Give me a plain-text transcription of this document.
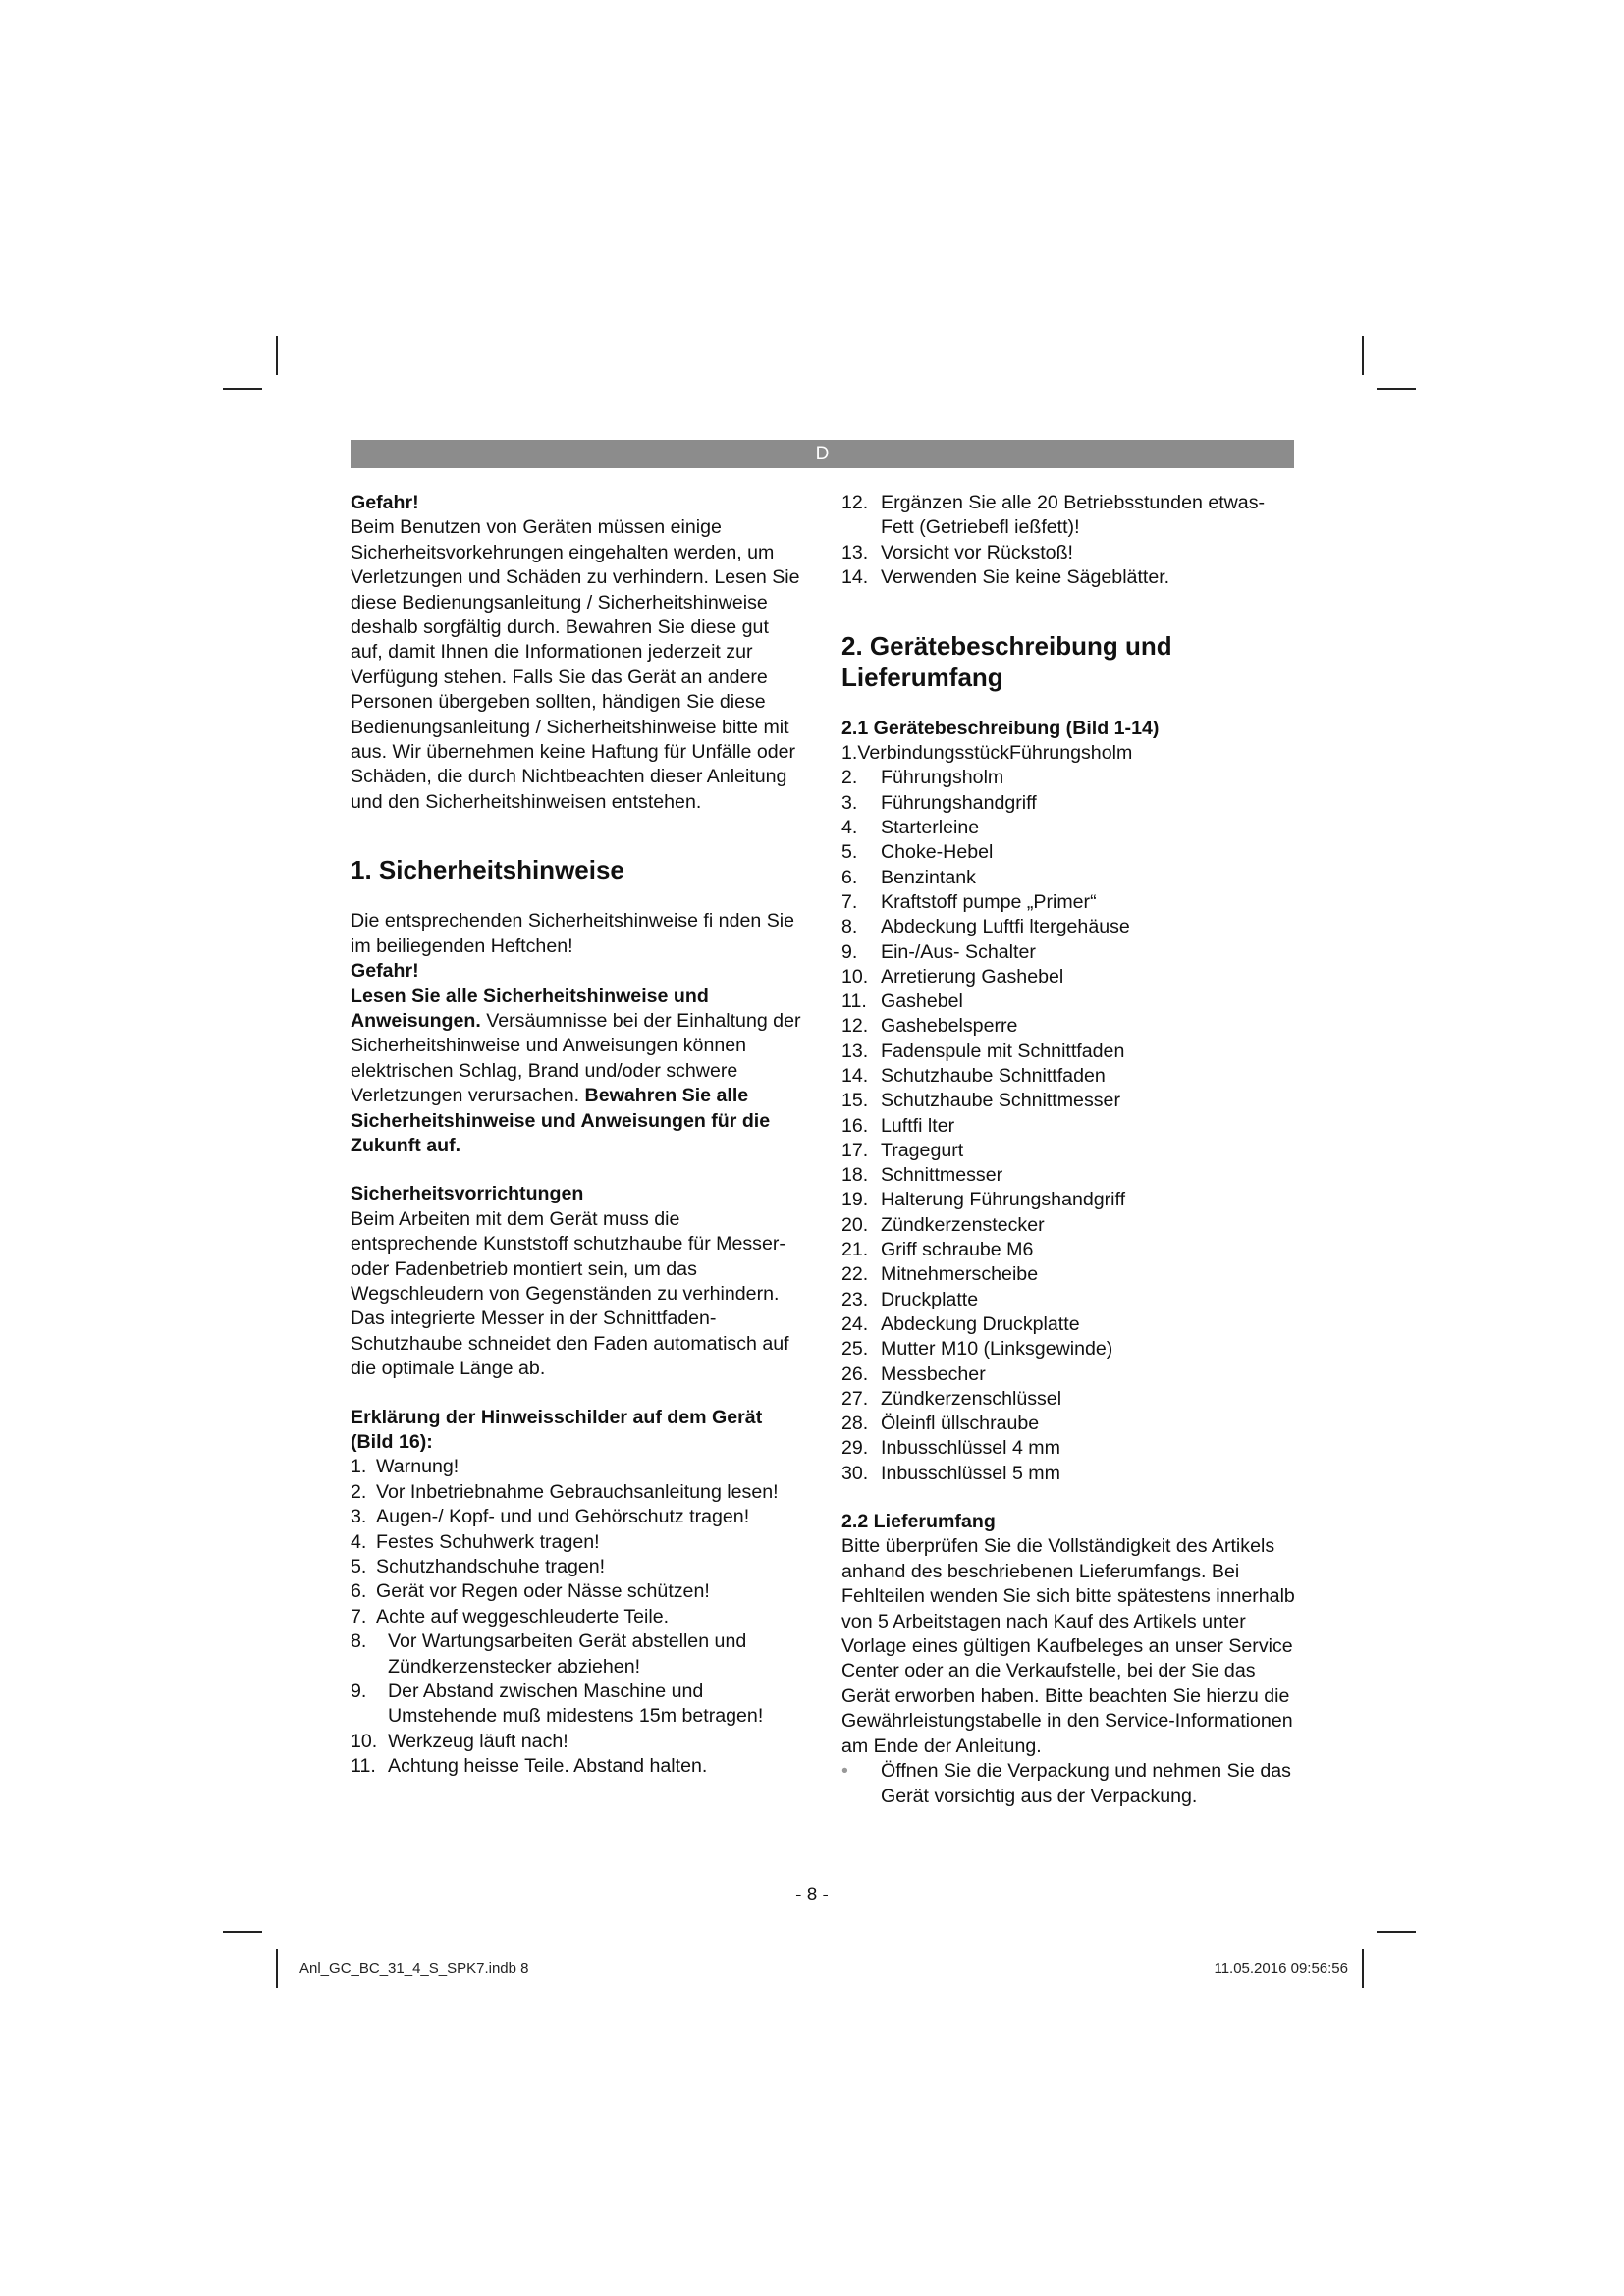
D

Gefahr!

Beim Benutzen von Geräten müssen einige Sicherheitsvorkehrungen eingehalten werden, um Verletzungen und Schäden zu verhindern. Lesen Sie diese Bedienungsanleitung / Sicherheitshinweise deshalb sorgfältig durch. Bewahren Sie diese gut auf, damit Ihnen die Informationen jederzeit zur Verfügung stehen. Falls Sie das Gerät an andere Personen übergeben sollten, händigen Sie diese Bedienungsanleitung / Sicherheitshinweise bitte mit aus. Wir übernehmen keine Haftung für Unfälle oder Schäden, die durch Nichtbeachten dieser Anleitung und den Sicherheitshinweisen entstehen.

1. Sicherheitshinweise

Die entsprechenden Sicherheitshinweise fi nden Sie im beiliegenden Heftchen!

Gefahr!

Lesen Sie alle Sicherheitshinweise und Anweisungen. Versäumnisse bei der Einhaltung der Sicherheitshinweise und Anweisungen können elektrischen Schlag, Brand und/oder schwere Verletzungen verursachen. Bewahren Sie alle Sicherheitshinweise und Anweisungen für die Zukunft auf.

Sicherheitsvorrichtungen

Beim Arbeiten mit dem Gerät muss die entsprechende Kunststoff schutzhaube für Messer- oder Fadenbetrieb montiert sein, um das Wegschleudern von Gegenständen zu verhindern. Das integrierte Messer in der Schnittfaden-Schutzhaube schneidet den Faden automatisch auf die optimale Länge ab.

Erklärung der Hinweisschilder auf dem Gerät (Bild 16):

1. Warnung!
2. Vor Inbetriebnahme Gebrauchsanleitung lesen!
3. Augen-/ Kopf- und und Gehörschutz tragen!
4. Festes Schuhwerk tragen!
5. Schutzhandschuhe tragen!
6. Gerät vor Regen oder Nässe schützen!
7. Achte auf weggeschleuderte Teile.
8. Vor Wartungsarbeiten Gerät abstellen und Zündkerzenstecker abziehen!
9. Der Abstand zwischen Maschine und Umstehende muß midestens 15m betragen!
10. Werkzeug läuft nach!
11. Achtung heisse Teile. Abstand halten.
12. Ergänzen Sie alle 20 Betriebsstunden etwas-Fett (Getriebefl ießfett)!
13. Vorsicht vor Rückstoß!
14. Verwenden Sie keine Sägeblätter.

2. Gerätebeschreibung und Lieferumfang

2.1 Gerätebeschreibung (Bild 1-14)

1.VerbindungsstückFührungsholm

2. Führungsholm
3. Führungshandgriff
4. Starterleine
5. Choke-Hebel
6. Benzintank
7. Kraftstoff pumpe „Primer“
8. Abdeckung Luftfi ltergehäuse
9. Ein-/Aus- Schalter
10. Arretierung Gashebel
11. Gashebel
12. Gashebelsperre
13. Fadenspule mit Schnittfaden
14. Schutzhaube Schnittfaden
15. Schutzhaube Schnittmesser
16. Luftfi lter
17. Tragegurt
18. Schnittmesser
19. Halterung Führungshandgriff
20. Zündkerzenstecker
21. Griff schraube M6
22. Mitnehmerscheibe
23. Druckplatte
24. Abdeckung Druckplatte
25. Mutter M10 (Linksgewinde)
26. Messbecher
27. Zündkerzenschlüssel
28. Öleinfl üllschraube
29. Inbusschlüssel 4 mm
30. Inbusschlüssel 5 mm

2.2 Lieferumfang

Bitte überprüfen Sie die Vollständigkeit des Artikels anhand des beschriebenen Lieferumfangs. Bei Fehlteilen wenden Sie sich bitte spätestens innerhalb von 5 Arbeitstagen nach Kauf des Artikels unter Vorlage eines gültigen Kaufbeleges an unser Service Center oder an die Verkaufstelle, bei der Sie das Gerät erworben haben. Bitte beachten Sie hierzu die Gewährleistungstabelle in den Service-Informationen am Ende der Anleitung.

• Öffnen Sie die Verpackung und nehmen Sie das Gerät vorsichtig aus der Verpackung.
- 8 -
Anl_GC_BC_31_4_S_SPK7.indb 8	11.05.2016 09:56:56
